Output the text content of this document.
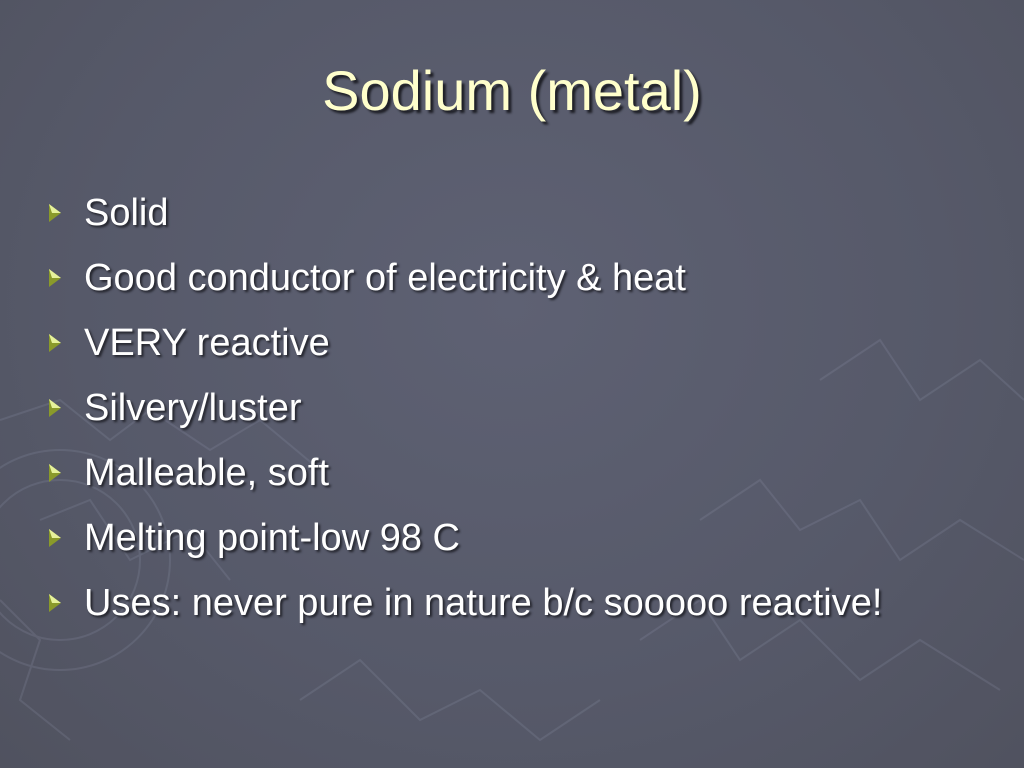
Sodium (metal)
Solid
Good conductor of electricity & heat
VERY reactive
Silvery/luster
Malleable, soft
Melting point-low 98 C
Uses: never pure in nature b/c sooooo reactive!
